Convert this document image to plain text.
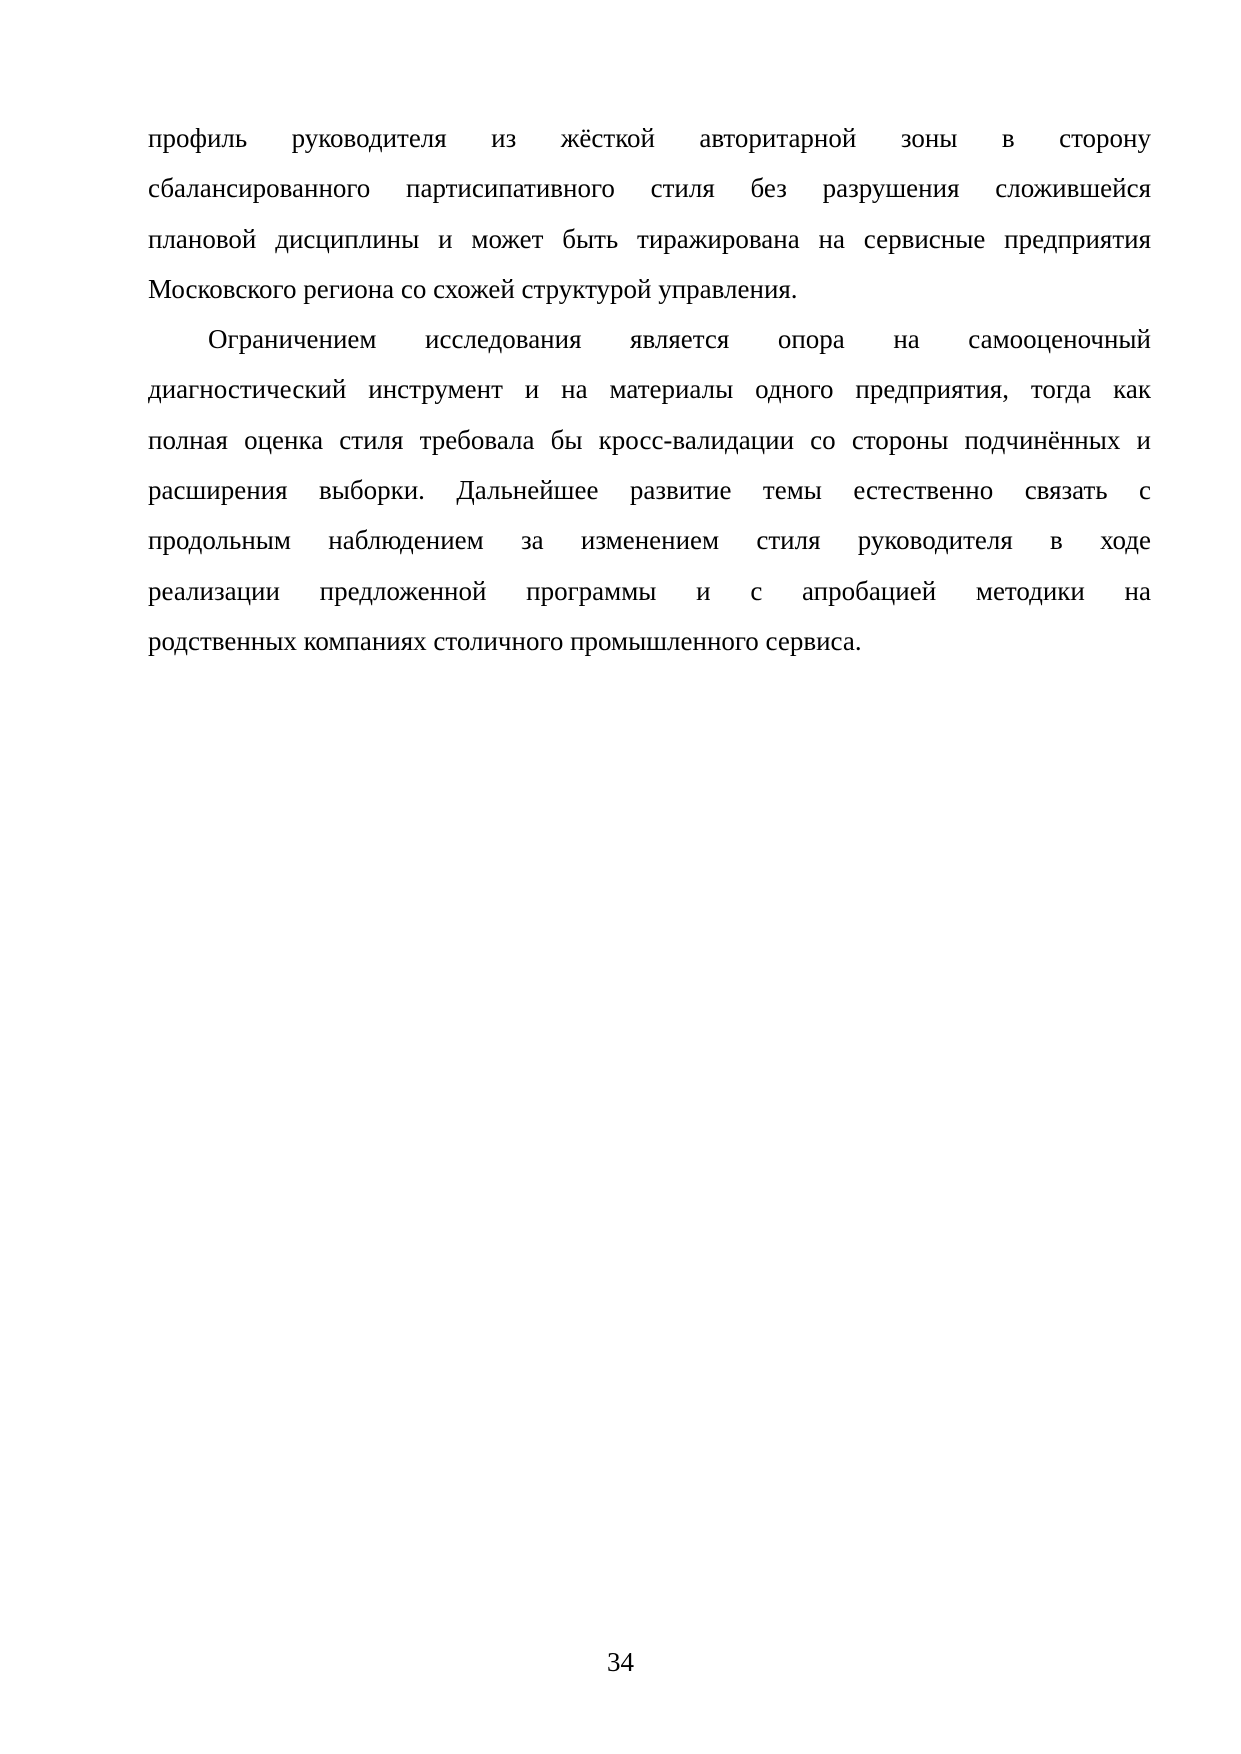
профиль руководителя из жёсткой авторитарной зоны в сторону
сбалансированного партисипативного стиля без разрушения сложившейся
плановой дисциплины и может быть тиражирована на сервисные предприятия
Московского региона со схожей структурой управления.

Ограничением исследования является опора на самооценочный
диагностический инструмент и на материалы одного предприятия, тогда как
полная оценка стиля требовала бы кросс-валидации со стороны подчинённых и
расширения выборки. Дальнейшее развитие темы естественно связать с
продольным наблюдением за изменением стиля руководителя в ходе
реализации предложенной программы и с апробацией методики на
родственных компаниях столичного промышленного сервиса.

34
